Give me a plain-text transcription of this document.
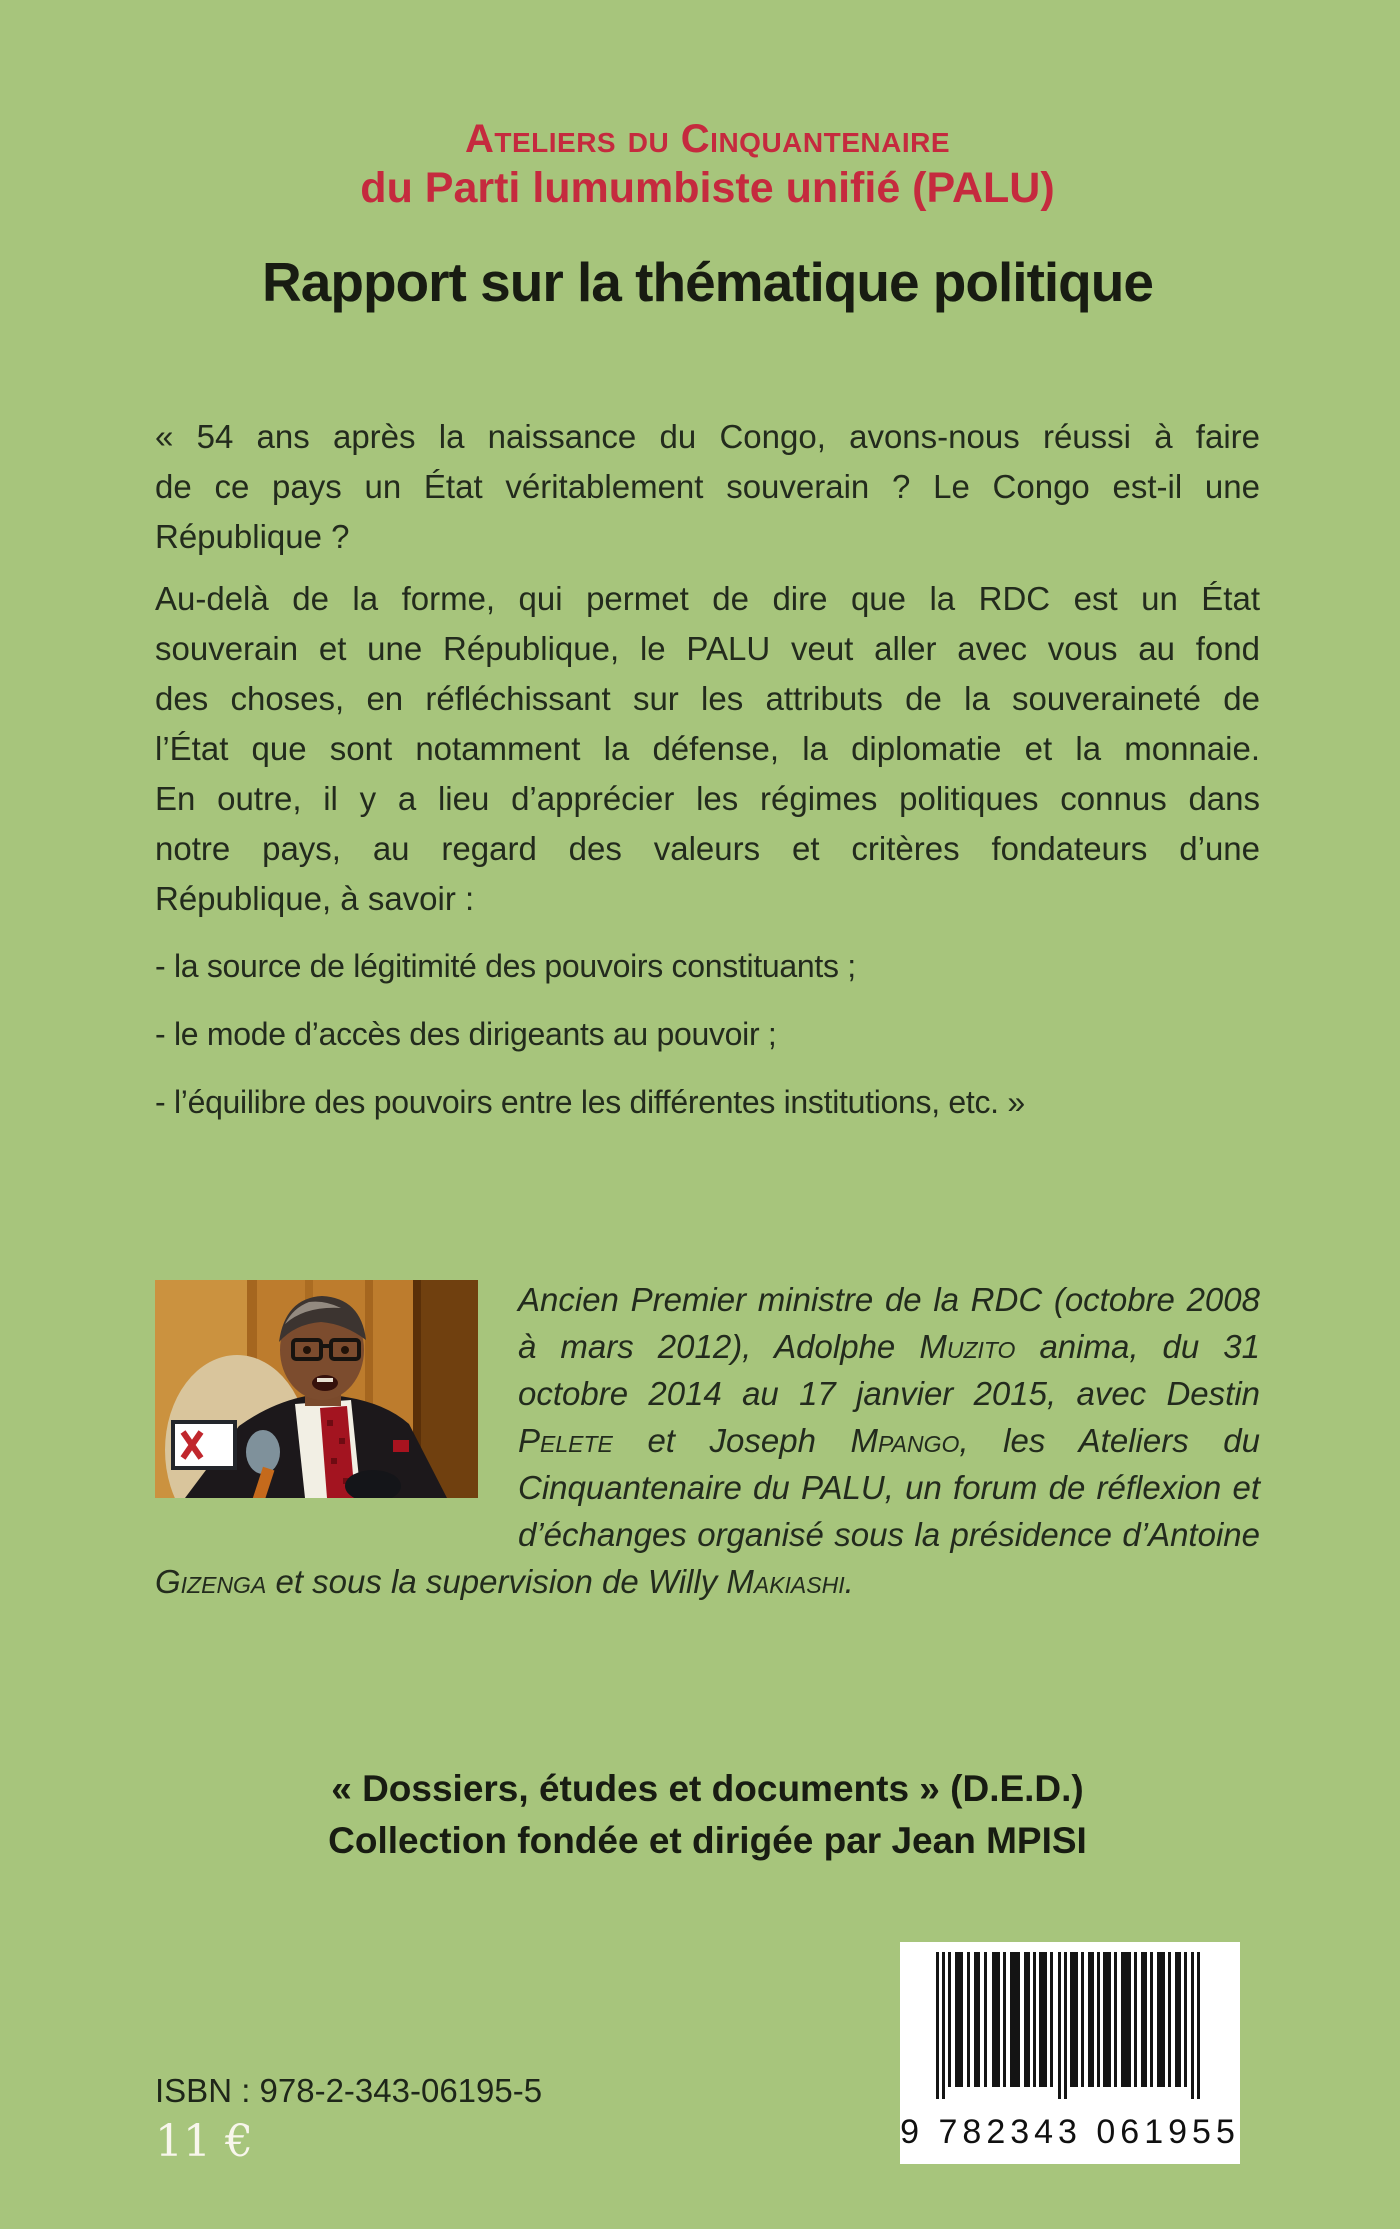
Ateliers du Cinquantenaire
du Parti lumumbiste unifié (PALU)
Rapport sur la thématique politique
« 54 ans après la naissance du Congo, avons-nous réussi à faire
de ce pays un État véritablement souverain ? Le Congo est-il une
République ?
Au-delà de la forme, qui permet de dire que la RDC est un État
souverain et une République, le PALU veut aller avec vous au fond
des choses, en réfléchissant sur les attributs de la souveraineté de
l’État que sont notamment la défense, la diplomatie et la monnaie.
En outre, il y a lieu d’apprécier les régimes politiques connus dans
notre pays, au regard des valeurs et critères fondateurs d’une
République, à savoir :
- la source de légitimité des pouvoirs constituants ;
- le mode d’accès des dirigeants au pouvoir ;
- l’équilibre des pouvoirs entre les différentes institutions, etc. »
Ancien Premier ministre de la RDC (octobre 2008 à mars 2012), Adolphe Muzito anima, du 31 octobre 2014 au 17 janvier 2015, avec Destin Pelete et Joseph Mpango, les Ateliers du Cinquantenaire du PALU, un forum de réflexion et d’échanges organisé sous la présidence d’Antoine Gizenga et sous la supervision de Willy Makiashi.
« Dossiers, études et documents » (D.E.D.)
Collection fondée et dirigée par Jean MPISI
ISBN : 978-2-343-06195-5
11 €	9 782343 061955
